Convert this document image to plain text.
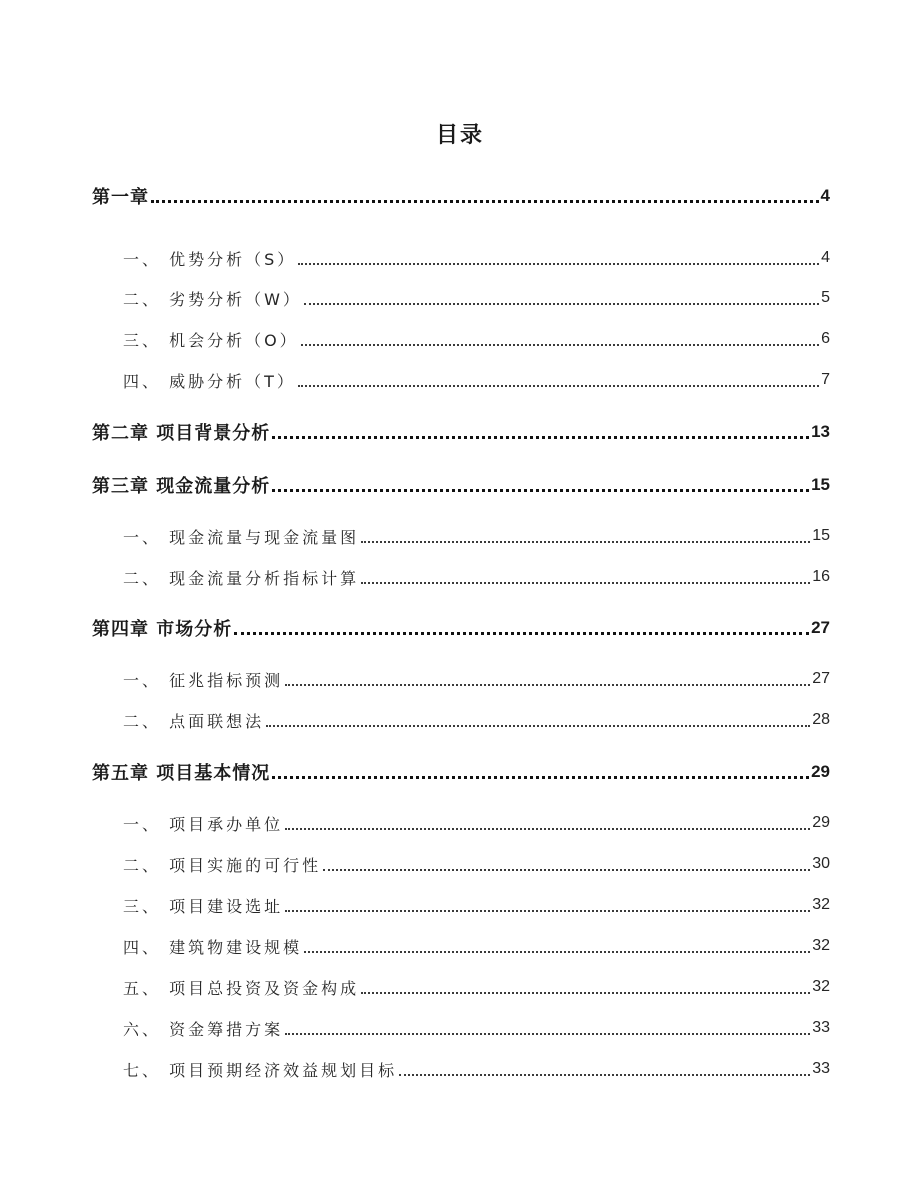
目录
第一章	4
一、 优势分析（S）	4
二、 劣势分析（W）	5
三、 机会分析（O）	6
四、 威胁分析（T）	7
第二章 项目背景分析	13
第三章 现金流量分析	15
一、 现金流量与现金流量图	15
二、 现金流量分析指标计算	16
第四章 市场分析	27
一、 征兆指标预测	27
二、 点面联想法	28
第五章 项目基本情况	29
一、 项目承办单位	29
二、 项目实施的可行性	30
三、 项目建设选址	32
四、 建筑物建设规模	32
五、 项目总投资及资金构成	32
六、 资金筹措方案	33
七、 项目预期经济效益规划目标	33
